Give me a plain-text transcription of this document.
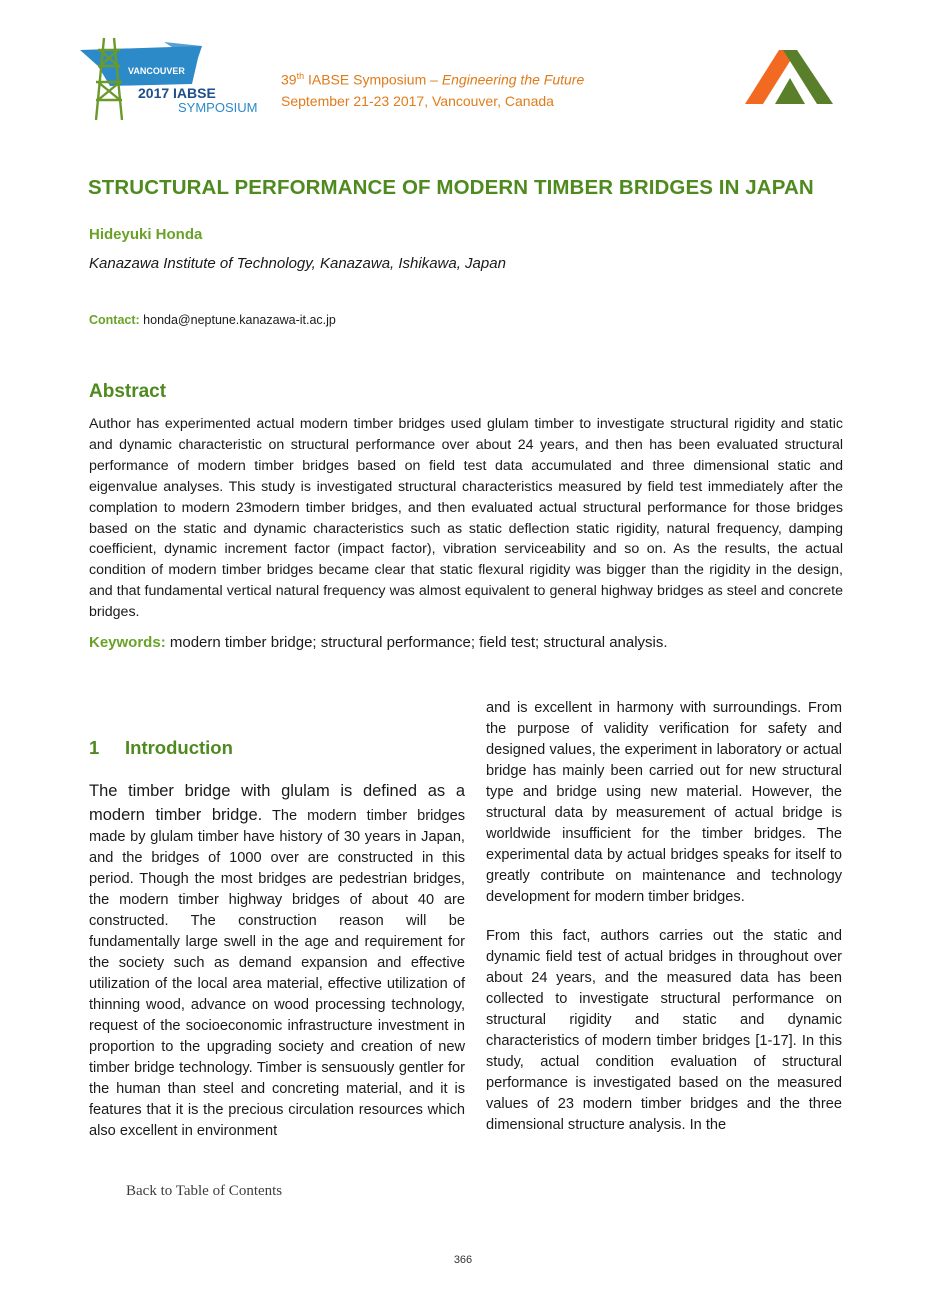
VANCOUVER
2017 IABSE
SYMPOSIUM
39th IABSE Symposium – Engineering the Future
September 21-23 2017, Vancouver, Canada
STRUCTURAL PERFORMANCE OF MODERN TIMBER BRIDGES IN JAPAN
Hideyuki Honda
Kanazawa Institute of Technology, Kanazawa, Ishikawa, Japan
Contact: honda@neptune.kanazawa-it.ac.jp
Abstract

Author has experimented actual modern timber bridges used glulam timber to investigate structural rigidity and static and dynamic characteristic on structural performance over about 24 years, and then has been evaluated structural performance of modern timber bridges based on field test data accumulated and three dimensional static and eigenvalue analyses. This study is investigated structural characteristics measured by field test immediately after the complation to modern 23modern timber bridges, and then evaluated actual structural performance for those bridges based on the static and dynamic characteristics such as static deflection static rigidity, natural frequency, damping coefficient, dynamic increment factor (impact factor), vibration serviceability and so on. As the results, the actual condition of modern timber bridges became clear that static flexural rigidity was bigger than the rigidity in the design, and that fundamental vertical natural frequency was almost equivalent to general highway bridges as steel and concrete bridges.

Keywords: modern timber bridge; structural performance; field test; structural analysis.
1 Introduction

The timber bridge with glulam is defined as a modern timber bridge. The modern timber bridges made by glulam timber have history of 30 years in Japan, and the bridges of 1000 over are constructed in this period. Though the most bridges are pedestrian bridges, the modern timber highway bridges of about 40 are constructed. The construction reason will be fundamentally large swell in the age and requirement for the society such as demand expansion and effective utilization of the local area material, effective utilization of thinning wood, advance on wood processing technology, request of the socioeconomic infrastructure investment in proportion to the upgrading society and creation of new timber bridge technology. Timber is sensuously gentler for the human than steel and concreting material, and it is features that it is the precious circulation resources which also excellent in environment

and is excellent in harmony with surroundings. From the purpose of validity verification for safety and designed values, the experiment in laboratory or actual bridge has mainly been carried out for new structural type and bridge using new material. However, the structural data by measurement of actual bridge is worldwide insufficient for the timber bridges. The experimental data by actual bridges speaks for itself to greatly contribute on maintenance and technology development for modern timber bridges.

From this fact, authors carries out the static and dynamic field test of actual bridges in throughout over about 24 years, and the measured data has been collected to investigate structural performance on structural rigidity and static and dynamic characteristics of modern timber bridges [1-17]. In this study, actual condition evaluation of structural performance is investigated based on the measured values of 23 modern timber bridges and the three dimensional structure analysis. In the

Back to Table of Contents
366
